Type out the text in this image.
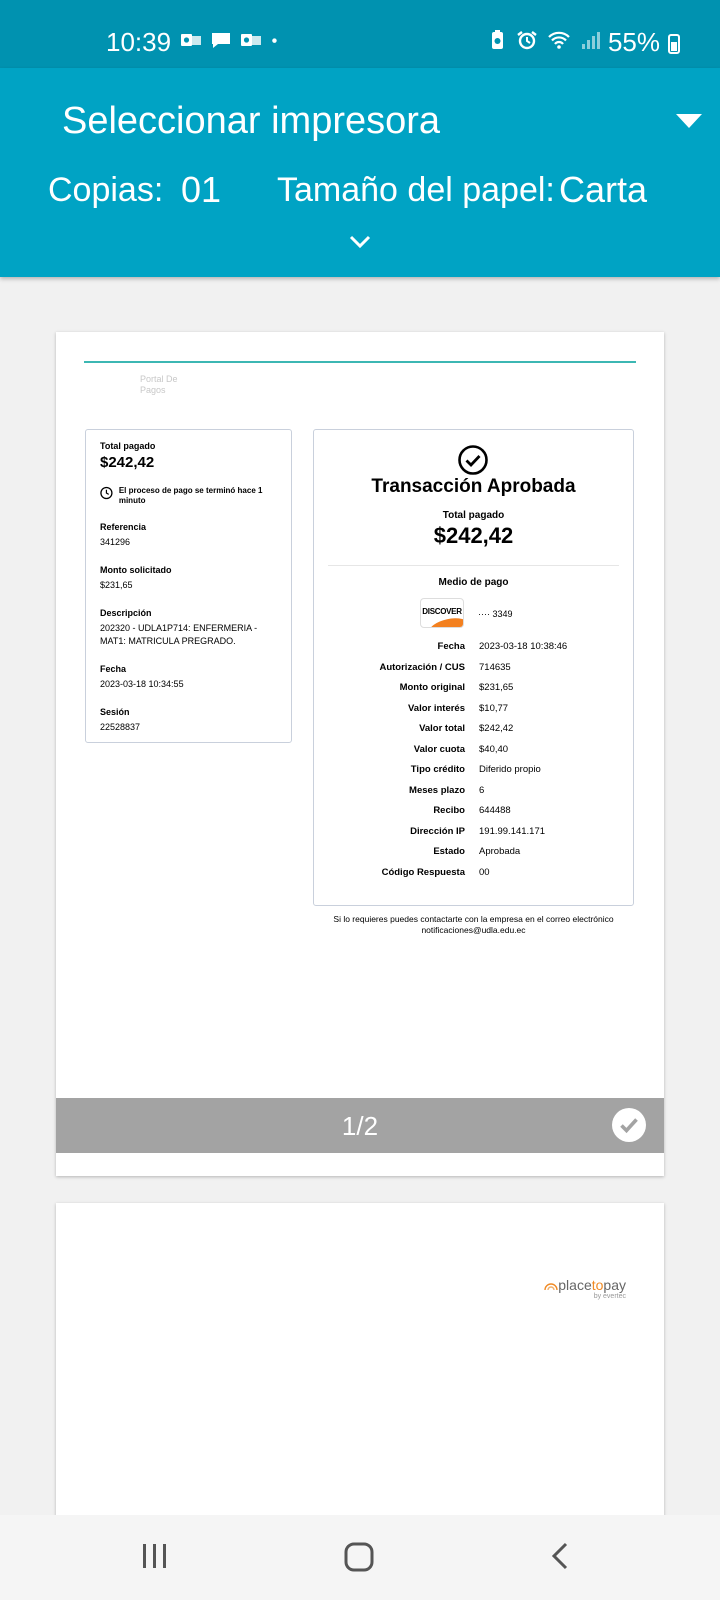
10:39	55%
Seleccionar impresora
Copias: 01 Tamaño del papel: Carta
Portal De Pagos
Total pagado
$242,42
El proceso de pago se terminó hace 1 minuto
Referencia
341296
Monto solicitado
$231,65
Descripción
202320 - UDLA1P714: ENFERMERIA - MAT1: MATRICULA PREGRADO.
Fecha
2023-03-18 10:34:55
Sesión
22528837
Transacción Aprobada
Total pagado
$242,42
Medio de pago
DISCOVER ···· 3349
Fecha 2023-03-18 10:38:46
Autorización / CUS 714635
Monto original $231,65
Valor interés $10,77
Valor total $242,42
Valor cuota $40,40
Tipo crédito Diferido propio
Meses plazo 6
Recibo 644488
Dirección IP 191.99.141.171
Estado Aprobada
Código Respuesta 00
Si lo requieres puedes contactarte con la empresa en el correo electrónico
notificaciones@udla.edu.ec
1/2
placetopay
by evertec
